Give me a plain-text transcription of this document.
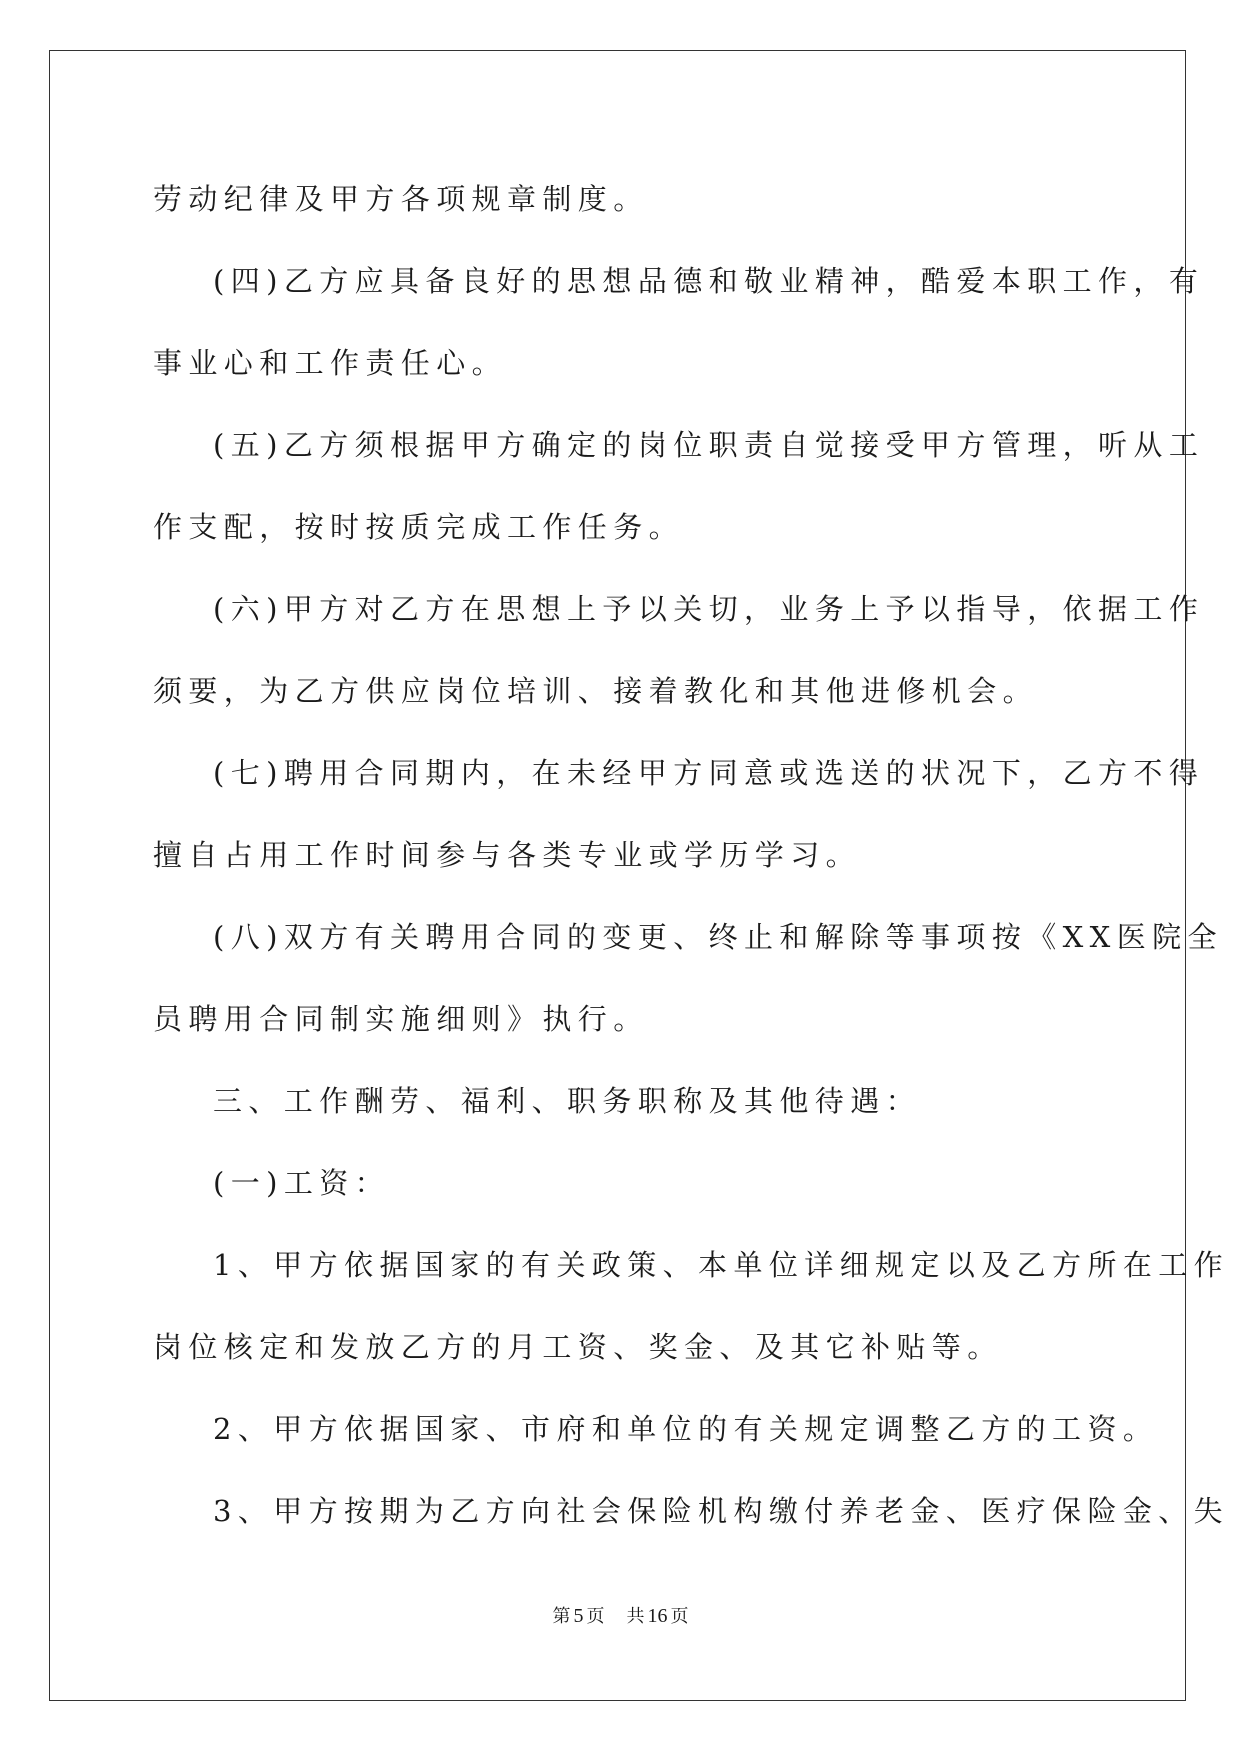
劳动纪律及甲方各项规章制度。
(四)乙方应具备良好的思想品德和敬业精神，酷爱本职工作，有
事业心和工作责任心。
(五)乙方须根据甲方确定的岗位职责自觉接受甲方管理，听从工
作支配，按时按质完成工作任务。
(六)甲方对乙方在思想上予以关切，业务上予以指导，依据工作
须要，为乙方供应岗位培训、接着教化和其他进修机会。
(七)聘用合同期内，在未经甲方同意或选送的状况下，乙方不得
擅自占用工作时间参与各类专业或学历学习。
(八)双方有关聘用合同的变更、终止和解除等事项按《XX医院全
员聘用合同制实施细则》执行。
三、工作酬劳、福利、职务职称及其他待遇：
(一)工资：
1、甲方依据国家的有关政策、本单位详细规定以及乙方所在工作
岗位核定和发放乙方的月工资、奖金、及其它补贴等。
2、甲方依据国家、市府和单位的有关规定调整乙方的工资。
3、甲方按期为乙方向社会保险机构缴付养老金、医疗保险金、失
第 5 页 共 16 页
